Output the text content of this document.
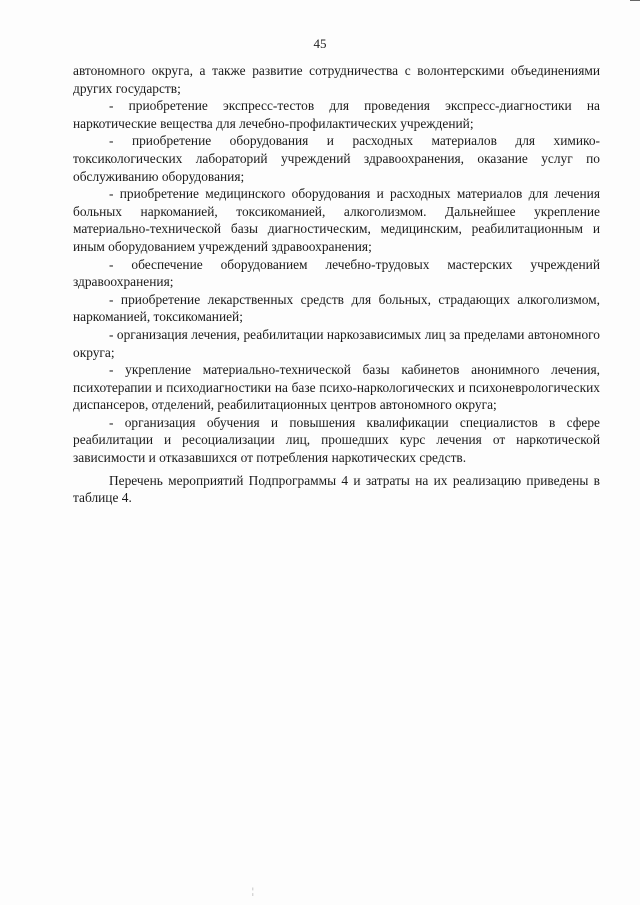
45

автономного округа, а также развитие сотрудничества с волонтерскими объединениями других государств;

- приобретение экспресс-тестов для проведения экспресс-диагностики на наркотические вещества для лечебно-профилактических учреждений;

- приобретение оборудования и расходных материалов для химико-токсикологических лабораторий учреждений здравоохранения, оказание услуг по обслуживанию оборудования;

- приобретение медицинского оборудования и расходных материалов для лечения больных наркоманией, токсикоманией, алкоголизмом. Дальнейшее укрепление материально-технической базы диагностическим, медицинским, реабилитационным и иным оборудованием учреждений здравоохранения;

- обеспечение оборудованием лечебно-трудовых мастерских учреждений здравоохранения;

- приобретение лекарственных средств для больных, страдающих алкоголизмом, наркоманией, токсикоманией;

- организация лечения, реабилитации наркозависимых лиц за пределами автономного округа;

- укрепление материально-технической базы кабинетов анонимного лечения, психотерапии и психодиагностики на базе психо-наркологических и психоневрологических диспансеров, отделений, реабилитационных центров автономного округа;

- организация обучения и повышения квалификации специалистов в сфере реабилитации и ресоциализации лиц, прошедших курс лечения от наркотической зависимости и отказавшихся от потребления наркотических средств.

Перечень мероприятий Подпрограммы 4 и затраты на их реализацию приведены в таблице 4.

¦
